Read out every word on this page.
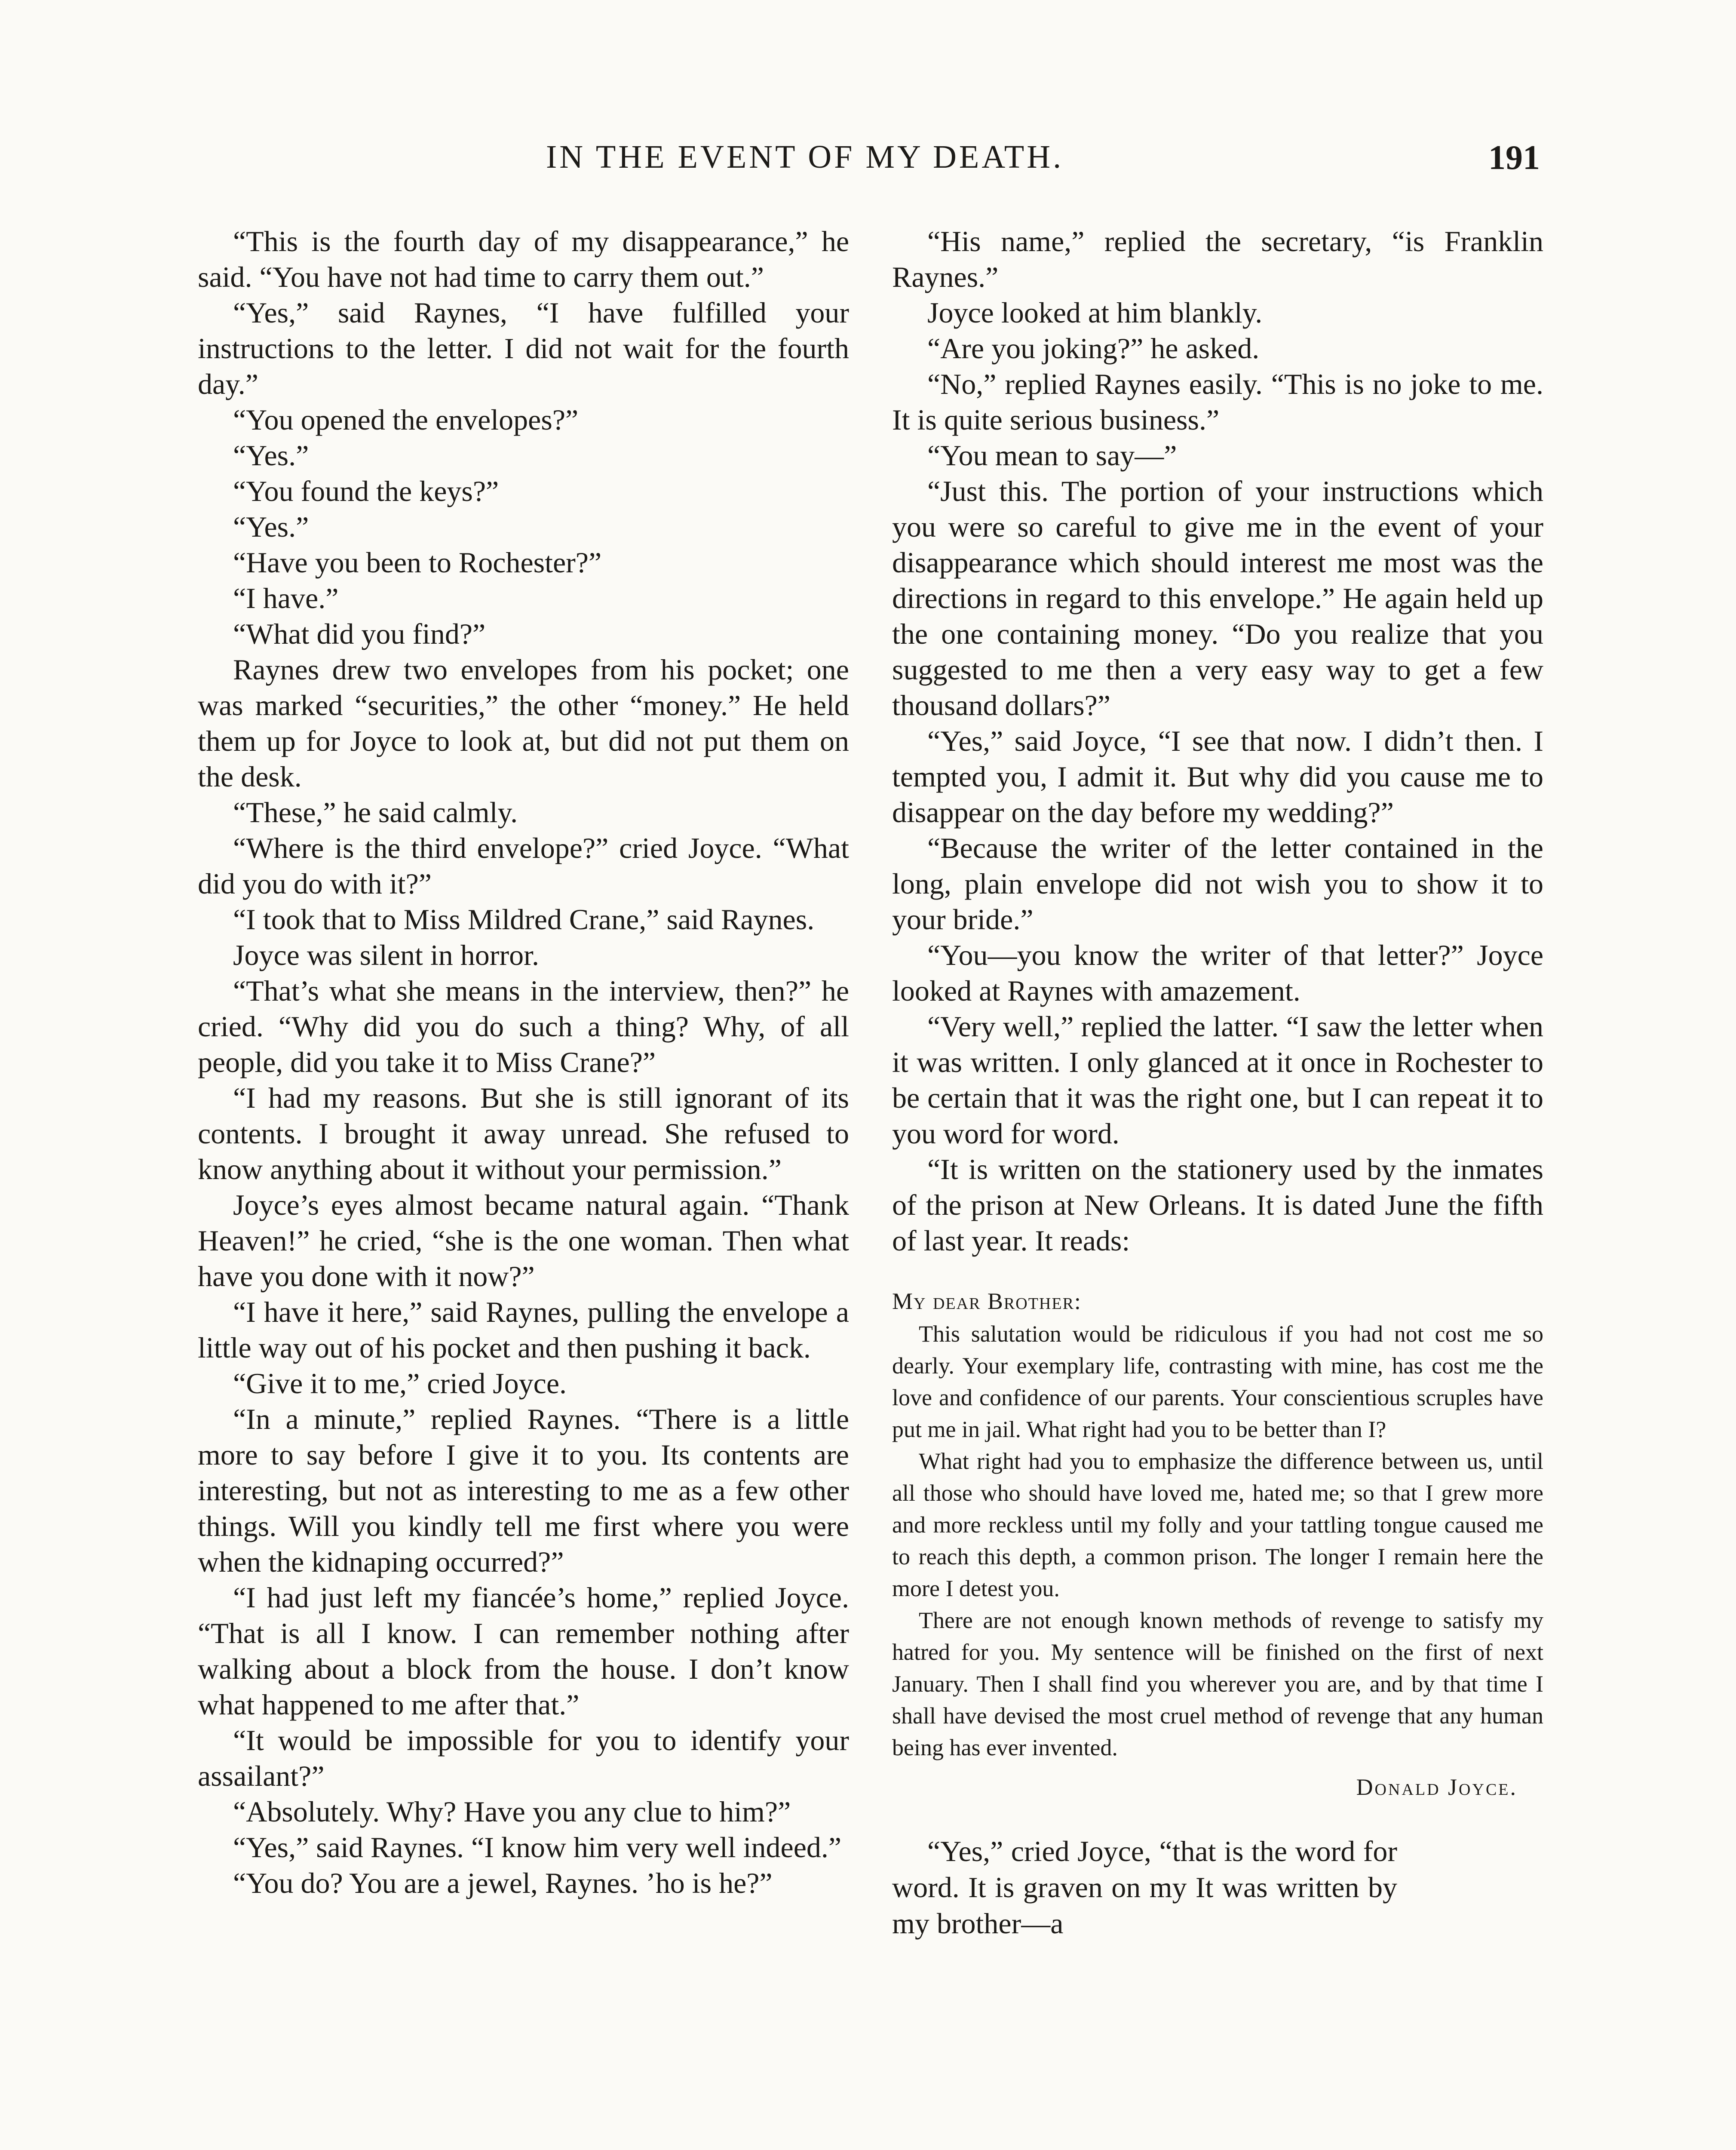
IN THE EVENT OF MY DEATH.	191

“This is the fourth day of my disappearance,” he said. “You have not had time to carry them out.”

“Yes,” said Raynes, “I have fulfilled your instructions to the letter. I did not wait for the fourth day.”

“You opened the envelopes?”

“Yes.”

“You found the keys?”

“Yes.”

“Have you been to Rochester?”

“I have.”

“What did you find?”

Raynes drew two envelopes from his pocket; one was marked “securities,” the other “money.” He held them up for Joyce to look at, but did not put them on the desk.

“These,” he said calmly.

“Where is the third envelope?” cried Joyce. “What did you do with it?”

“I took that to Miss Mildred Crane,” said Raynes.

Joyce was silent in horror.

“That’s what she means in the interview, then?” he cried. “Why did you do such a thing? Why, of all people, did you take it to Miss Crane?”

“I had my reasons. But she is still ignorant of its contents. I brought it away unread. She refused to know anything about it without your permission.”

Joyce’s eyes almost became natural again. “Thank Heaven!” he cried, “she is the one woman. Then what have you done with it now?”

“I have it here,” said Raynes, pulling the envelope a little way out of his pocket and then pushing it back.

“Give it to me,” cried Joyce.

“In a minute,” replied Raynes. “There is a little more to say before I give it to you. Its contents are interesting, but not as interesting to me as a few other things. Will you kindly tell me first where you were when the kidnaping occurred?”

“I had just left my fiancée’s home,” replied Joyce. “That is all I know. I can remember nothing after walking about a block from the house. I don’t know what happened to me after that.”

“It would be impossible for you to identify your assailant?”

“Absolutely. Why? Have you any clue to him?”

“Yes,” said Raynes. “I know him very well indeed.”

“You do? You are a jewel, Raynes. ’ho is he?”

“His name,” replied the secretary, “is Franklin Raynes.”

Joyce looked at him blankly.

“Are you joking?” he asked.

“No,” replied Raynes easily. “This is no joke to me. It is quite serious business.”

“You mean to say—”

“Just this. The portion of your instructions which you were so careful to give me in the event of your disappearance which should interest me most was the directions in regard to this envelope.” He again held up the one containing money. “Do you realize that you suggested to me then a very easy way to get a few thousand dollars?”

“Yes,” said Joyce, “I see that now. I didn’t then. I tempted you, I admit it. But why did you cause me to disappear on the day before my wedding?”

“Because the writer of the letter contained in the long, plain envelope did not wish you to show it to your bride.”

“You—you know the writer of that letter?” Joyce looked at Raynes with amazement.

“Very well,” replied the latter. “I saw the letter when it was written. I only glanced at it once in Rochester to be certain that it was the right one, but I can repeat it to you word for word.

“It is written on the stationery used by the inmates of the prison at New Orleans. It is dated June the fifth of last year. It reads:

My dear Brother:

This salutation would be ridiculous if you had not cost me so dearly. Your exemplary life, contrasting with mine, has cost me the love and confidence of our parents. Your conscientious scruples have put me in jail. What right had you to be better than I?

What right had you to emphasize the difference between us, until all those who should have loved me, hated me; so that I grew more and more reckless until my folly and your tattling tongue caused me to reach this depth, a common prison. The longer I remain here the more I detest you.

There are not enough known methods of revenge to satisfy my hatred for you. My sentence will be finished on the first of next January. Then I shall find you wherever you are, and by that time I shall have devised the most cruel method of revenge that any human being has ever invented.

Donald Joyce.

“Yes,” cried Joyce, “that is the word for word. It is graven on my It was written by my brother—a
